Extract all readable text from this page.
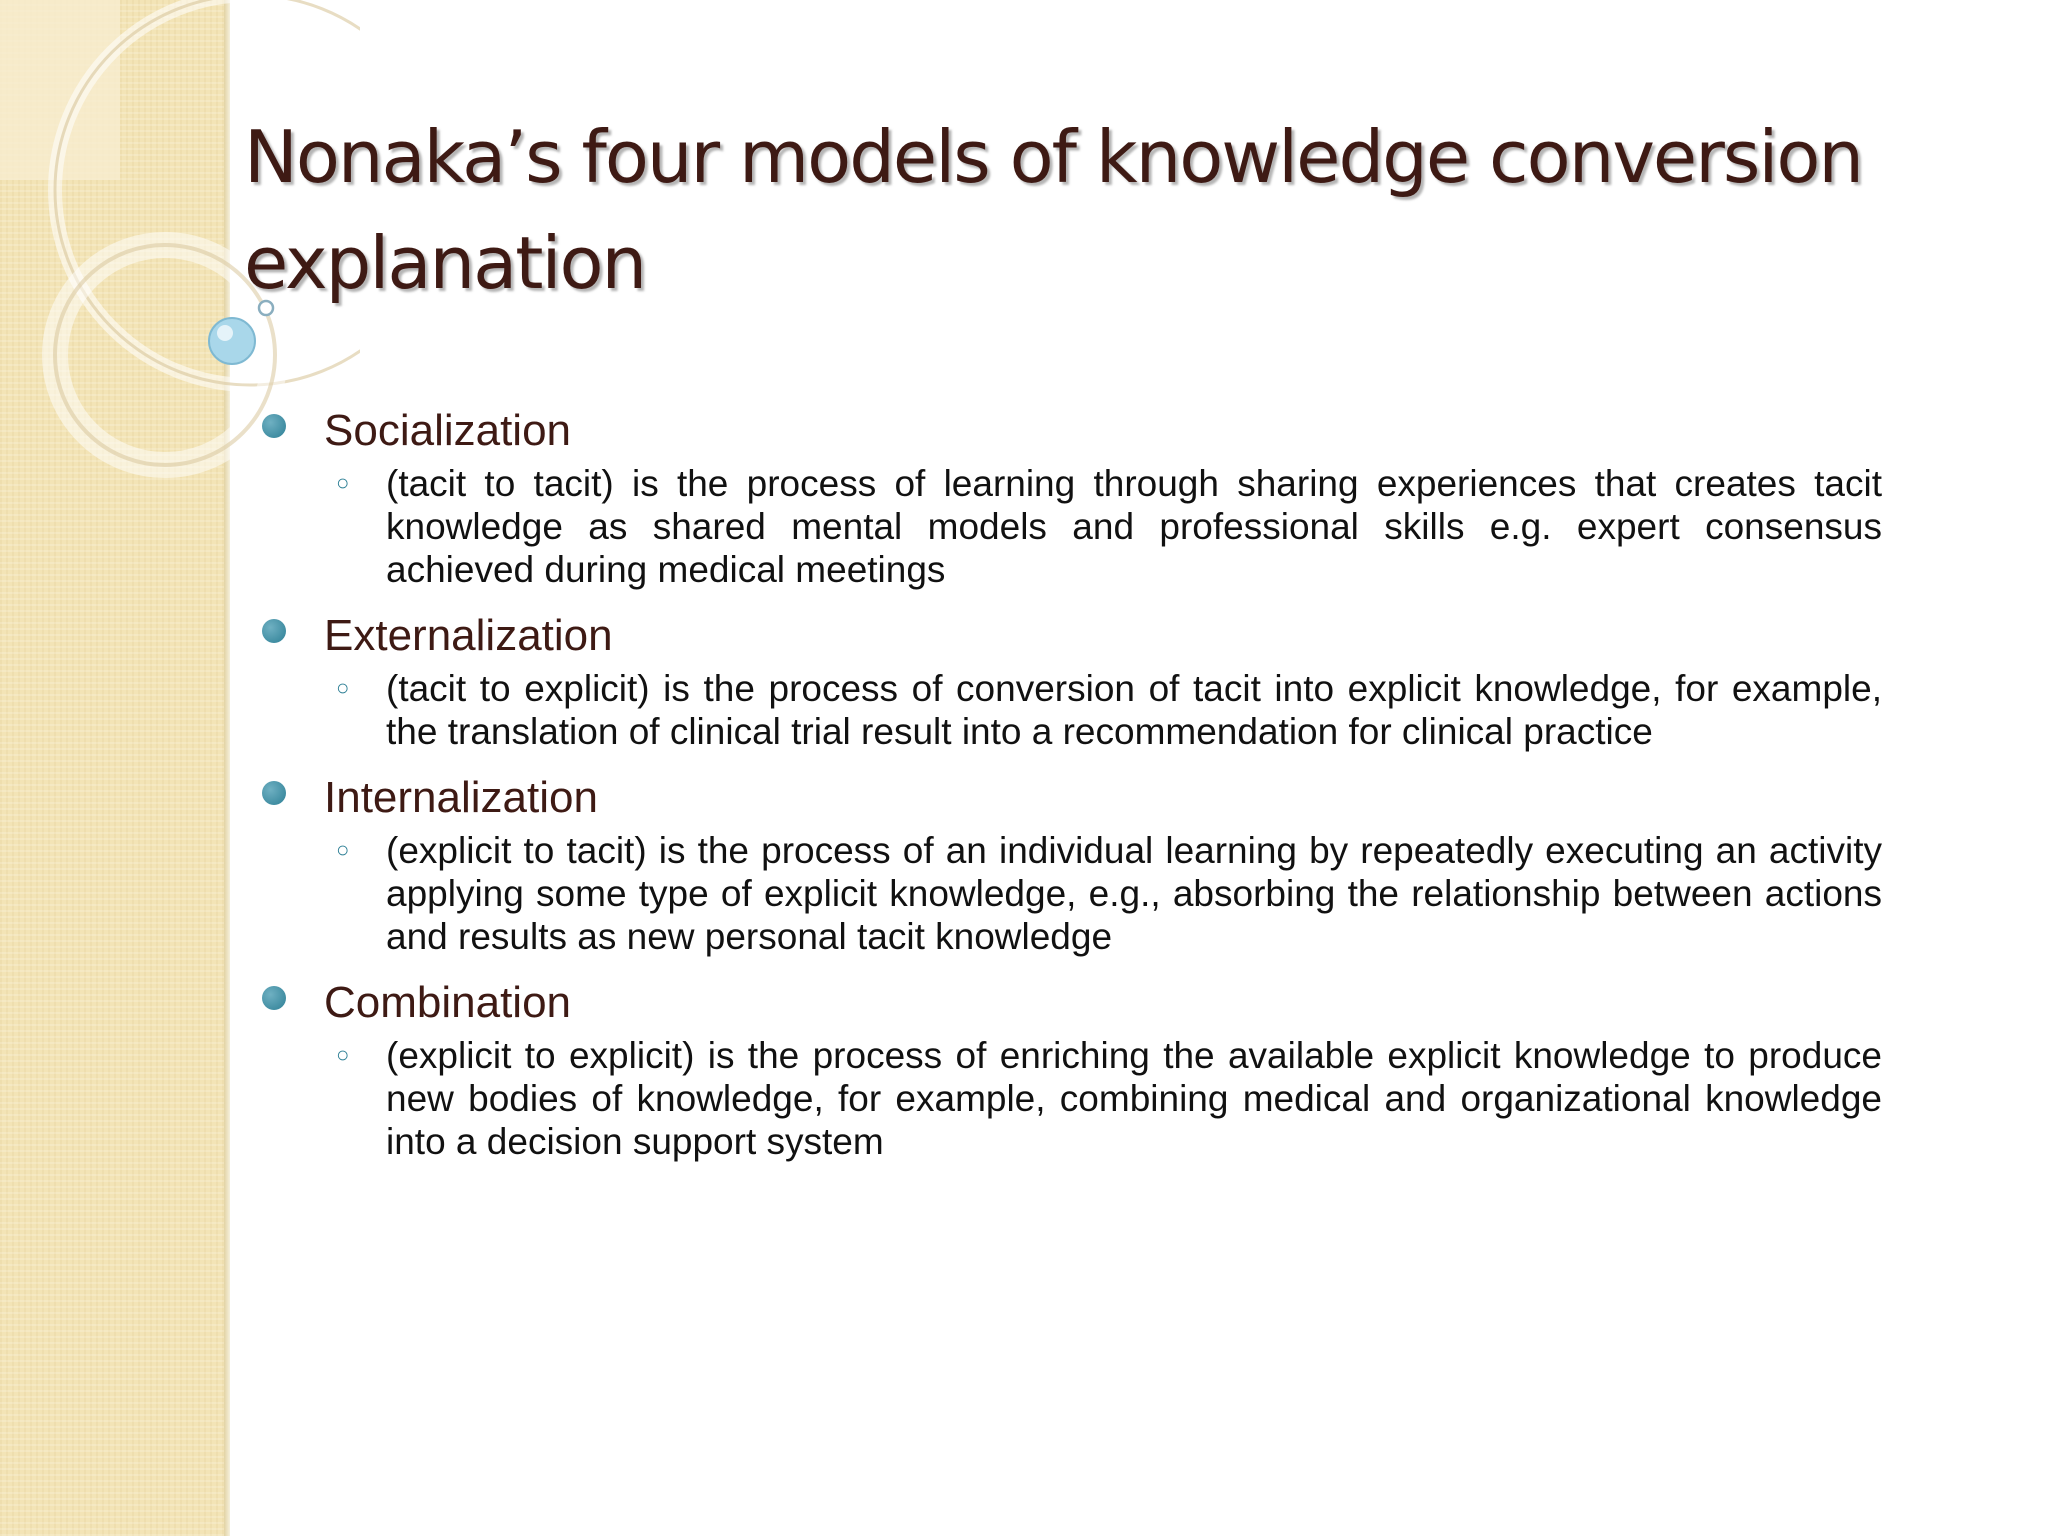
Nonaka’s four models of knowledge conversion explanation

Socialization

○ (tacit to tacit) is the process of learning through sharing experiences that creates tacit knowledge as shared mental models and professional skills e.g. expert consensus achieved during medical meetings

Externalization

○ (tacit to explicit) is the process of conversion of tacit into explicit knowledge, for example, the translation of clinical trial result into a recommendation for clinical practice

Internalization

○ (explicit to tacit) is the process of an individual learning by repeatedly executing an activity applying some type of explicit knowledge, e.g., absorbing the relationship between actions and results as new personal tacit knowledge

Combination

○ (explicit to explicit) is the process of enriching the available explicit knowledge to produce new bodies of knowledge, for example, combining medical and organizational knowledge into a decision support system
